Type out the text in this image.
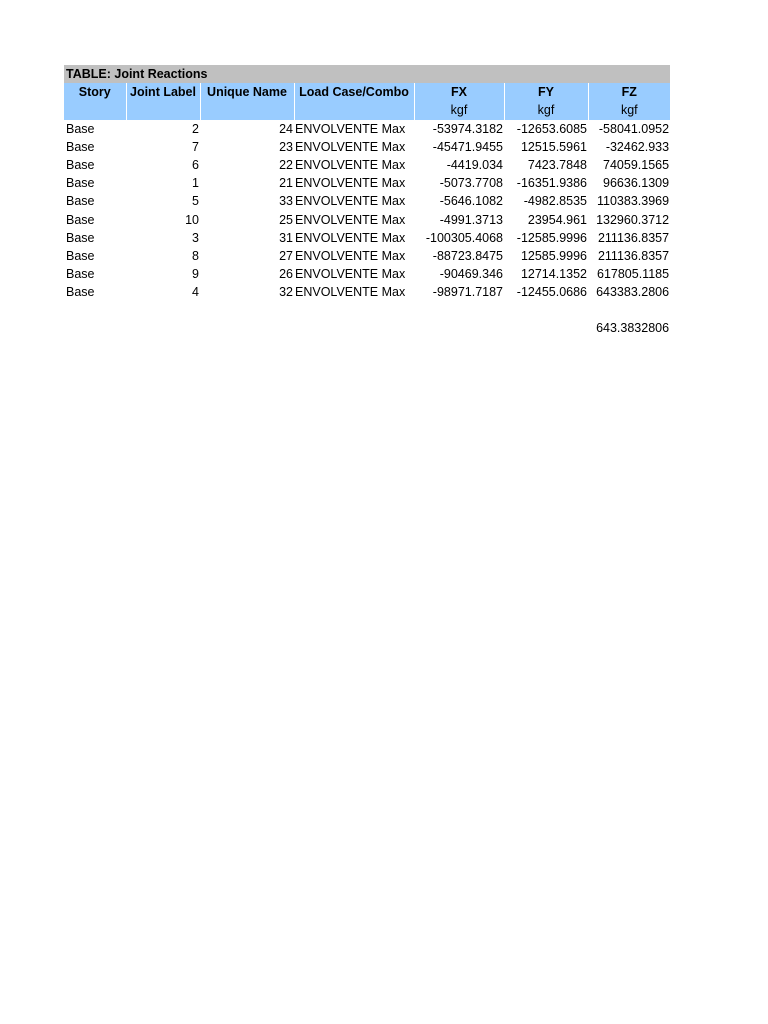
TABLE: Joint Reactions						
Story	Joint Label	Unique Name	Load Case/Combo	FX	FY	FZ
				kgf	kgf	kgf
Base	2	24	ENVOLVENTE Max	-53974.3182	-12653.6085	-58041.0952
Base	7	23	ENVOLVENTE Max	-45471.9455	12515.5961	-32462.933
Base	6	22	ENVOLVENTE Max	-4419.034	7423.7848	74059.1565
Base	1	21	ENVOLVENTE Max	-5073.7708	-16351.9386	96636.1309
Base	5	33	ENVOLVENTE Max	-5646.1082	-4982.8535	110383.3969
Base	10	25	ENVOLVENTE Max	-4991.3713	23954.961	132960.3712
Base	3	31	ENVOLVENTE Max	-100305.4068	-12585.9996	211136.8357
Base	8	27	ENVOLVENTE Max	-88723.8475	12585.9996	211136.8357
Base	9	26	ENVOLVENTE Max	-90469.346	12714.1352	617805.1185
Base	4	32	ENVOLVENTE Max	-98971.7187	-12455.0686	643383.2806

						643.3832806
